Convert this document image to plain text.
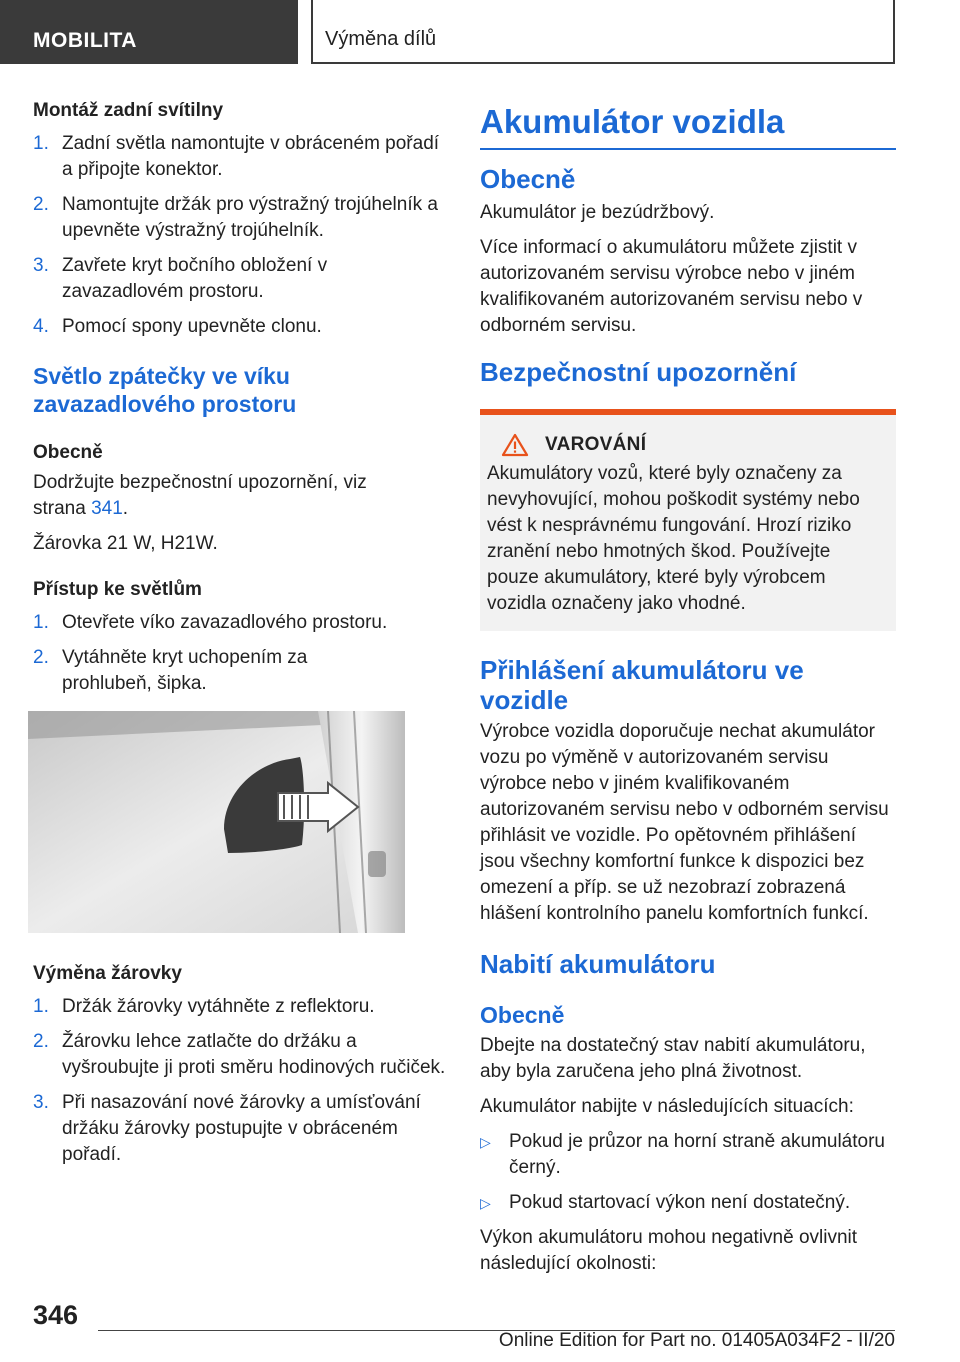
MOBILITA	Výměna dílů
Montáž zadní svítilny
1. Zadní světla namontujte v obráceném pořadí a připojte konektor.
2. Namontujte držák pro výstražný trojúhelník a upevněte výstražný trojúhelník.
3. Zavřete kryt bočního obložení v zavazadlovém prostoru.
4. Pomocí spony upevněte clonu.
Světlo zpátečky ve víku zavazadlového prostoru
Obecně

Dodržujte bezpečnostní upozornění, viz strana 341.

Žárovka 21 W, H21W.

Přístup ke světlům
1. Otevřete víko zavazadlového prostoru.
2. Vytáhněte kryt uchopením za prohlubeň, šipka.
Výměna žárovky
1. Držák žárovky vytáhněte z reflektoru.
2. Žárovku lehce zatlačte do držáku a vyšroubujte ji proti směru hodinových ručiček.
3. Při nasazování nové žárovky a umísťování držáku žárovky postupujte v obráceném pořadí.
Akumulátor vozidla
Obecně

Akumulátor je bezúdržbový.

Více informací o akumulátoru můžete zjistit v autorizovaném servisu výrobce nebo v jiném kvalifikovaném autorizovaném servisu nebo v odborném servisu.

Bezpečnostní upozornění
VAROVÁNÍ

Akumulátory vozů, které byly označeny za nevyhovující, mohou poškodit systémy nebo vést k nesprávnému fungování. Hrozí riziko zranění nebo hmotných škod. Používejte pouze akumulátory, které byly výrobcem vozidla označeny jako vhodné.

Přihlášení akumulátoru ve vozidle

Výrobce vozidla doporučuje nechat akumulátor vozu po výměně v autorizovaném servisu výrobce nebo v jiném kvalifikovaném autorizovaném servisu nebo v odborném servisu přihlásit ve vozidle. Po opětovném přihlášení jsou všechny komfortní funkce k dispozici bez omezení a příp. se už nezobrazí zobrazená hlášení kontrolního panelu komfortních funkcí.

Nabití akumulátoru
Obecně

Dbejte na dostatečný stav nabití akumulátoru, aby byla zaručena jeho plná životnost.

Akumulátor nabijte v následujících situacích:

▷ Pokud je průzor na horní straně akumulátoru černý.
▷ Pokud startovací výkon není dostatečný.

Výkon akumulátoru mohou negativně ovlivnit následující okolnosti:

346
Online Edition for Part no. 01405A034F2 - II/20
